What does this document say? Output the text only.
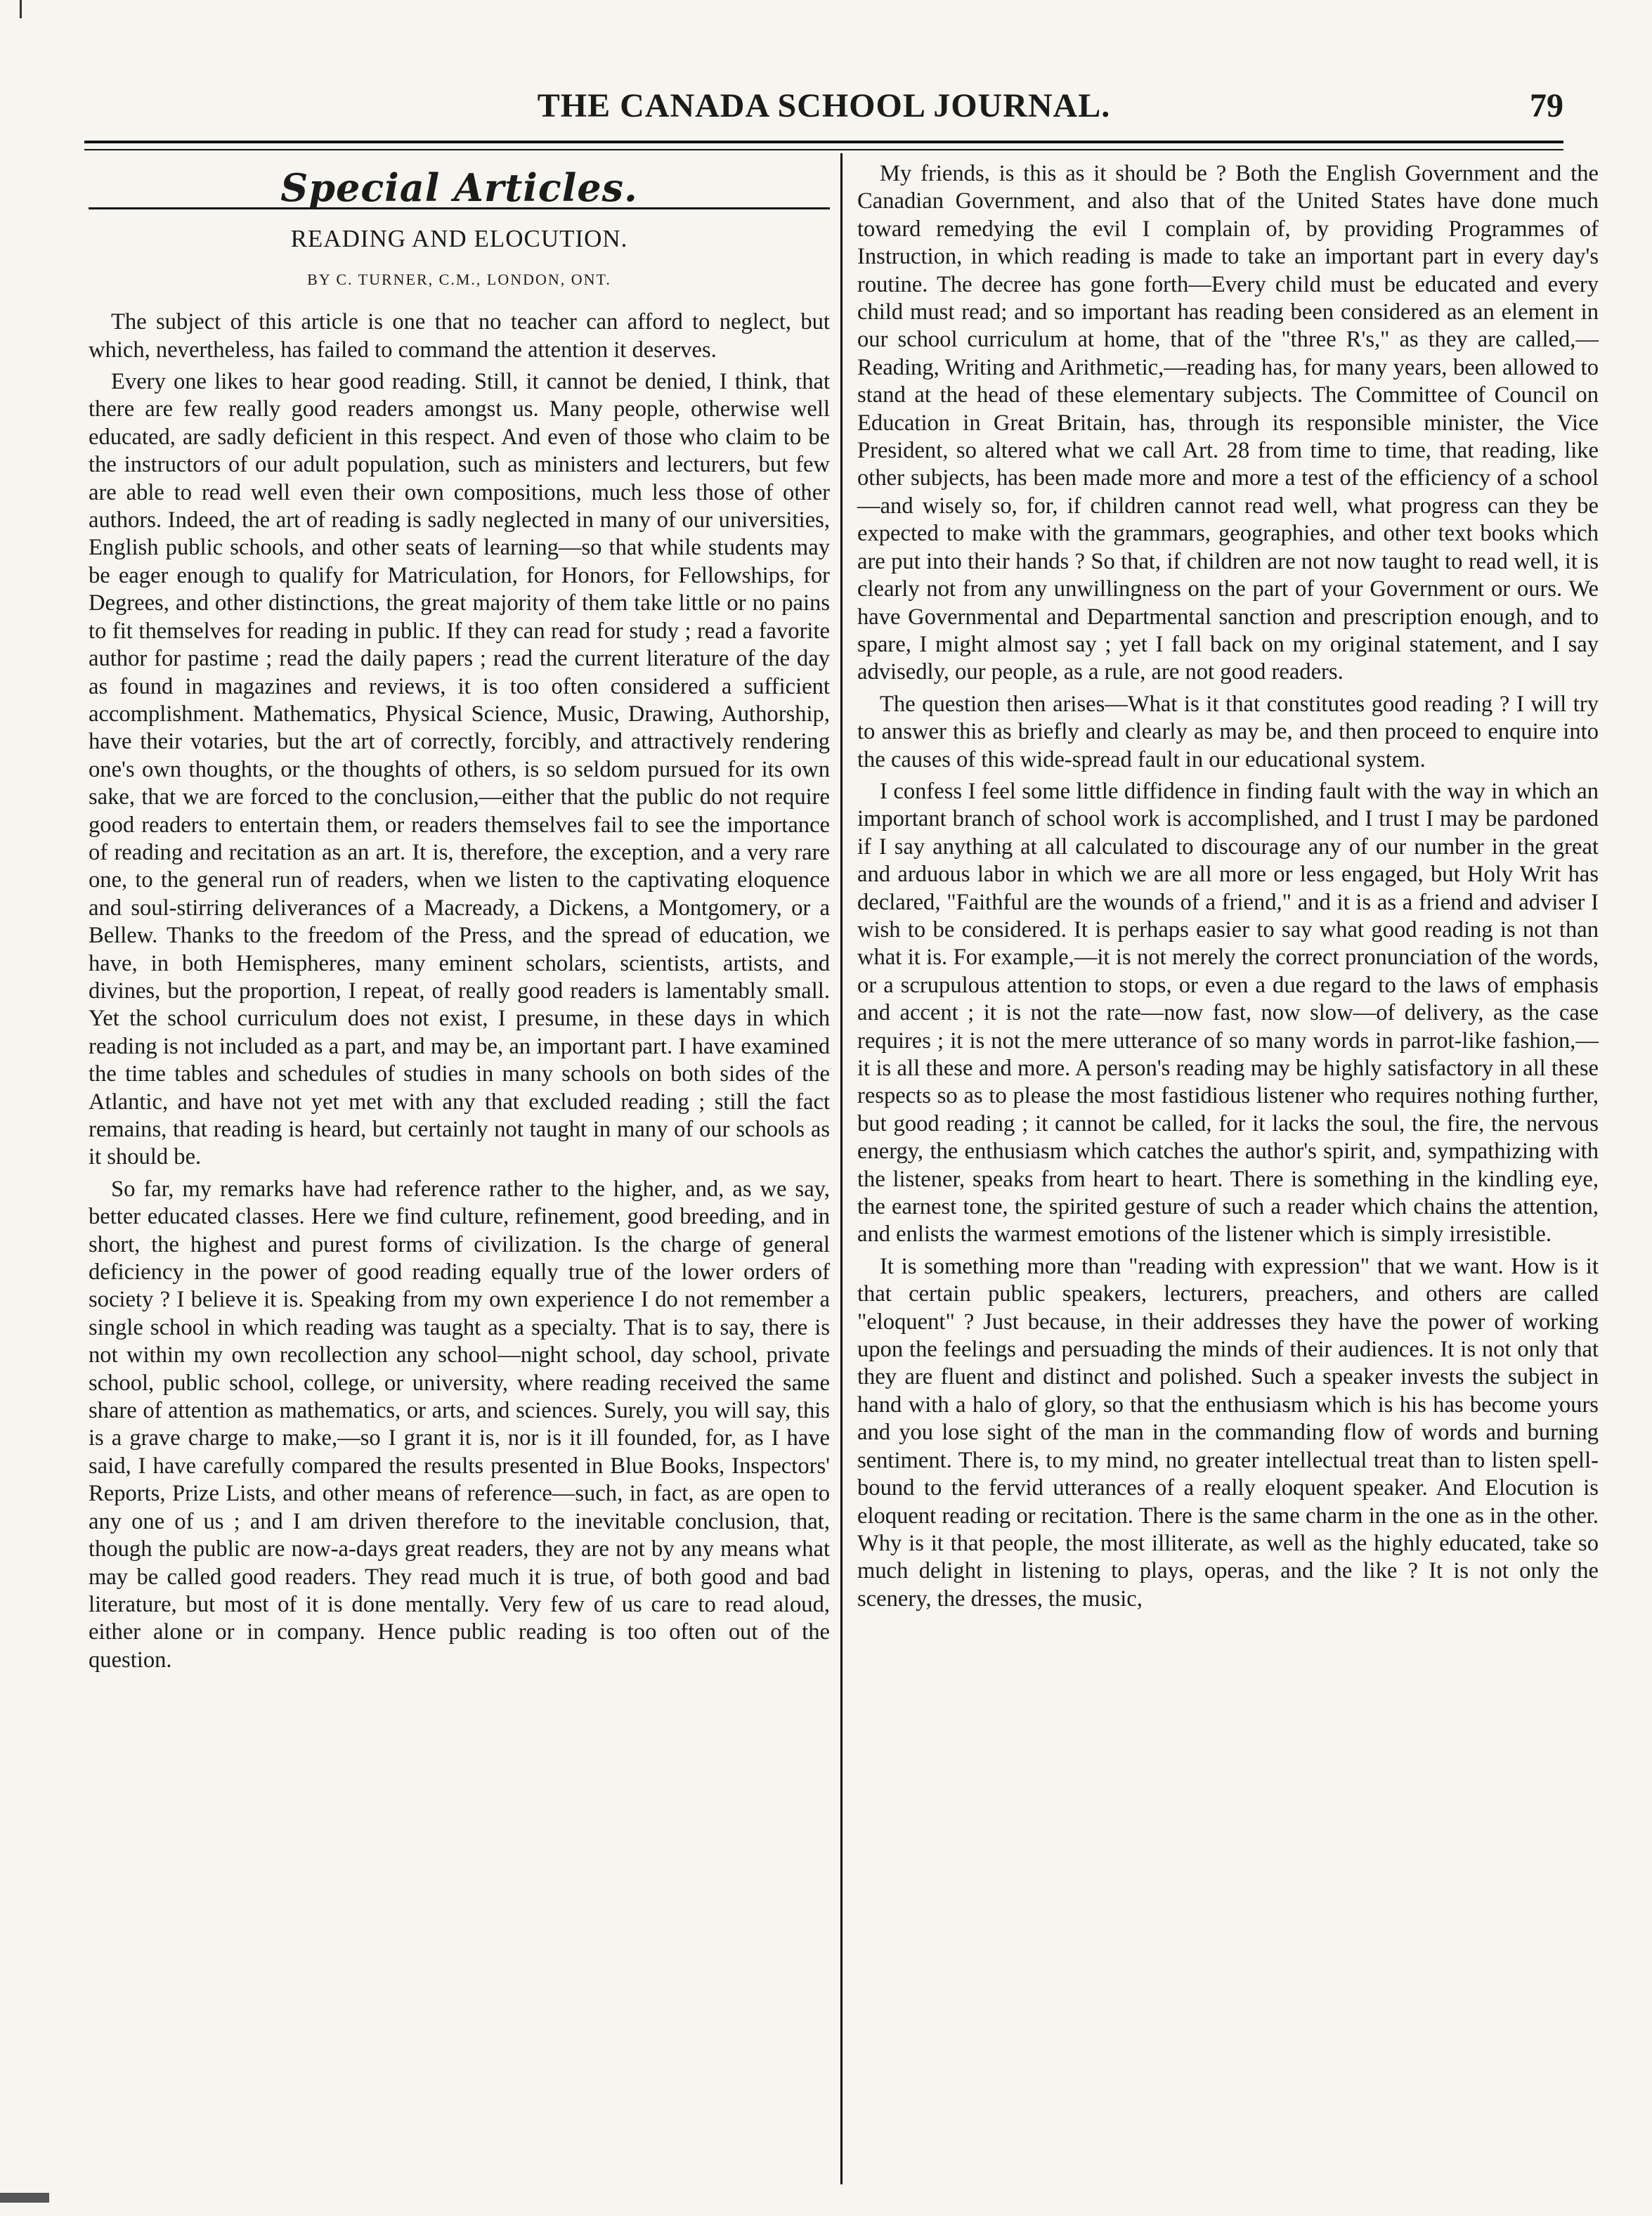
THE CANADA SCHOOL JOURNAL.	79
Special Articles.
READING AND ELOCUTION.
BY C. TURNER, C.M., LONDON, ONT.

The subject of this article is one that no teacher can afford to neglect, but which, nevertheless, has failed to command the attention it deserves.

Every one likes to hear good reading. Still, it cannot be denied, I think, that there are few really good readers amongst us. Many people, otherwise well educated, are sadly deficient in this respect. And even of those who claim to be the instructors of our adult population, such as ministers and lecturers, but few are able to read well even their own compositions, much less those of other authors. Indeed, the art of reading is sadly neglected in many of our universities, English public schools, and other seats of learning—so that while students may be eager enough to qualify for Matriculation, for Honors, for Fellowships, for Degrees, and other distinctions, the great majority of them take little or no pains to fit themselves for reading in public. If they can read for study ; read a favorite author for pastime ; read the daily papers ; read the current literature of the day as found in magazines and reviews, it is too often considered a sufficient accomplishment. Mathematics, Physical Science, Music, Drawing, Authorship, have their votaries, but the art of correctly, forcibly, and attractively rendering one's own thoughts, or the thoughts of others, is so seldom pursued for its own sake, that we are forced to the conclusion,—either that the public do not require good readers to entertain them, or readers themselves fail to see the importance of reading and recitation as an art. It is, therefore, the exception, and a very rare one, to the general run of readers, when we listen to the captivating eloquence and soul-stirring deliverances of a Macready, a Dickens, a Montgomery, or a Bellew. Thanks to the freedom of the Press, and the spread of education, we have, in both Hemispheres, many eminent scholars, scientists, artists, and divines, but the proportion, I repeat, of really good readers is lamentably small. Yet the school curriculum does not exist, I presume, in these days in which reading is not included as a part, and may be, an important part. I have examined the time tables and schedules of studies in many schools on both sides of the Atlantic, and have not yet met with any that excluded reading ; still the fact remains, that reading is heard, but certainly not taught in many of our schools as it should be.

So far, my remarks have had reference rather to the higher, and, as we say, better educated classes. Here we find culture, refinement, good breeding, and in short, the highest and purest forms of civilization. Is the charge of general deficiency in the power of good reading equally true of the lower orders of society ? I believe it is. Speaking from my own experience I do not remember a single school in which reading was taught as a specialty. That is to say, there is not within my own recollection any school—night school, day school, private school, public school, college, or university, where reading received the same share of attention as mathematics, or arts, and sciences. Surely, you will say, this is a grave charge to make,—so I grant it is, nor is it ill founded, for, as I have said, I have carefully compared the results presented in Blue Books, Inspectors' Reports, Prize Lists, and other means of reference—such, in fact, as are open to any one of us ; and I am driven therefore to the inevitable conclusion, that, though the public are now-a-days great readers, they are not by any means what may be called good readers. They read much it is true, of both good and bad literature, but most of it is done mentally. Very few of us care to read aloud, either alone or in company. Hence public reading is too often out of the question.

My friends, is this as it should be ? Both the English Government and the Canadian Government, and also that of the United States have done much toward remedying the evil I complain of, by providing Programmes of Instruction, in which reading is made to take an important part in every day's routine. The decree has gone forth—Every child must be educated and every child must read; and so important has reading been considered as an element in our school curriculum at home, that of the "three R's," as they are called,—Reading, Writing and Arithmetic,—reading has, for many years, been allowed to stand at the head of these elementary subjects. The Committee of Council on Education in Great Britain, has, through its responsible minister, the Vice President, so altered what we call Art. 28 from time to time, that reading, like other subjects, has been made more and more a test of the efficiency of a school—and wisely so, for, if children cannot read well, what progress can they be expected to make with the grammars, geographies, and other text books which are put into their hands ? So that, if children are not now taught to read well, it is clearly not from any unwillingness on the part of your Government or ours. We have Governmental and Departmental sanction and prescription enough, and to spare, I might almost say ; yet I fall back on my original statement, and I say advisedly, our people, as a rule, are not good readers.

The question then arises—What is it that constitutes good reading ? I will try to answer this as briefly and clearly as may be, and then proceed to enquire into the causes of this wide-spread fault in our educational system.

I confess I feel some little diffidence in finding fault with the way in which an important branch of school work is accomplished, and I trust I may be pardoned if I say anything at all calculated to discourage any of our number in the great and arduous labor in which we are all more or less engaged, but Holy Writ has declared, "Faithful are the wounds of a friend," and it is as a friend and adviser I wish to be considered. It is perhaps easier to say what good reading is not than what it is. For example,—it is not merely the correct pronunciation of the words, or a scrupulous attention to stops, or even a due regard to the laws of emphasis and accent ; it is not the rate—now fast, now slow—of delivery, as the case requires ; it is not the mere utterance of so many words in parrot-like fashion,—it is all these and more. A person's reading may be highly satisfactory in all these respects so as to please the most fastidious listener who requires nothing further, but good reading ; it cannot be called, for it lacks the soul, the fire, the nervous energy, the enthusiasm which catches the author's spirit, and, sympathizing with the listener, speaks from heart to heart. There is something in the kindling eye, the earnest tone, the spirited gesture of such a reader which chains the attention, and enlists the warmest emotions of the listener which is simply irresistible.

It is something more than "reading with expression" that we want. How is it that certain public speakers, lecturers, preachers, and others are called "eloquent" ? Just because, in their addresses they have the power of working upon the feelings and persuading the minds of their audiences. It is not only that they are fluent and distinct and polished. Such a speaker invests the subject in hand with a halo of glory, so that the enthusiasm which is his has become yours and you lose sight of the man in the commanding flow of words and burning sentiment. There is, to my mind, no greater intellectual treat than to listen spell-bound to the fervid utterances of a really eloquent speaker. And Elocution is eloquent reading or recitation. There is the same charm in the one as in the other. Why is it that people, the most illiterate, as well as the highly educated, take so much delight in listening to plays, operas, and the like ? It is not only the scenery, the dresses, the music,
